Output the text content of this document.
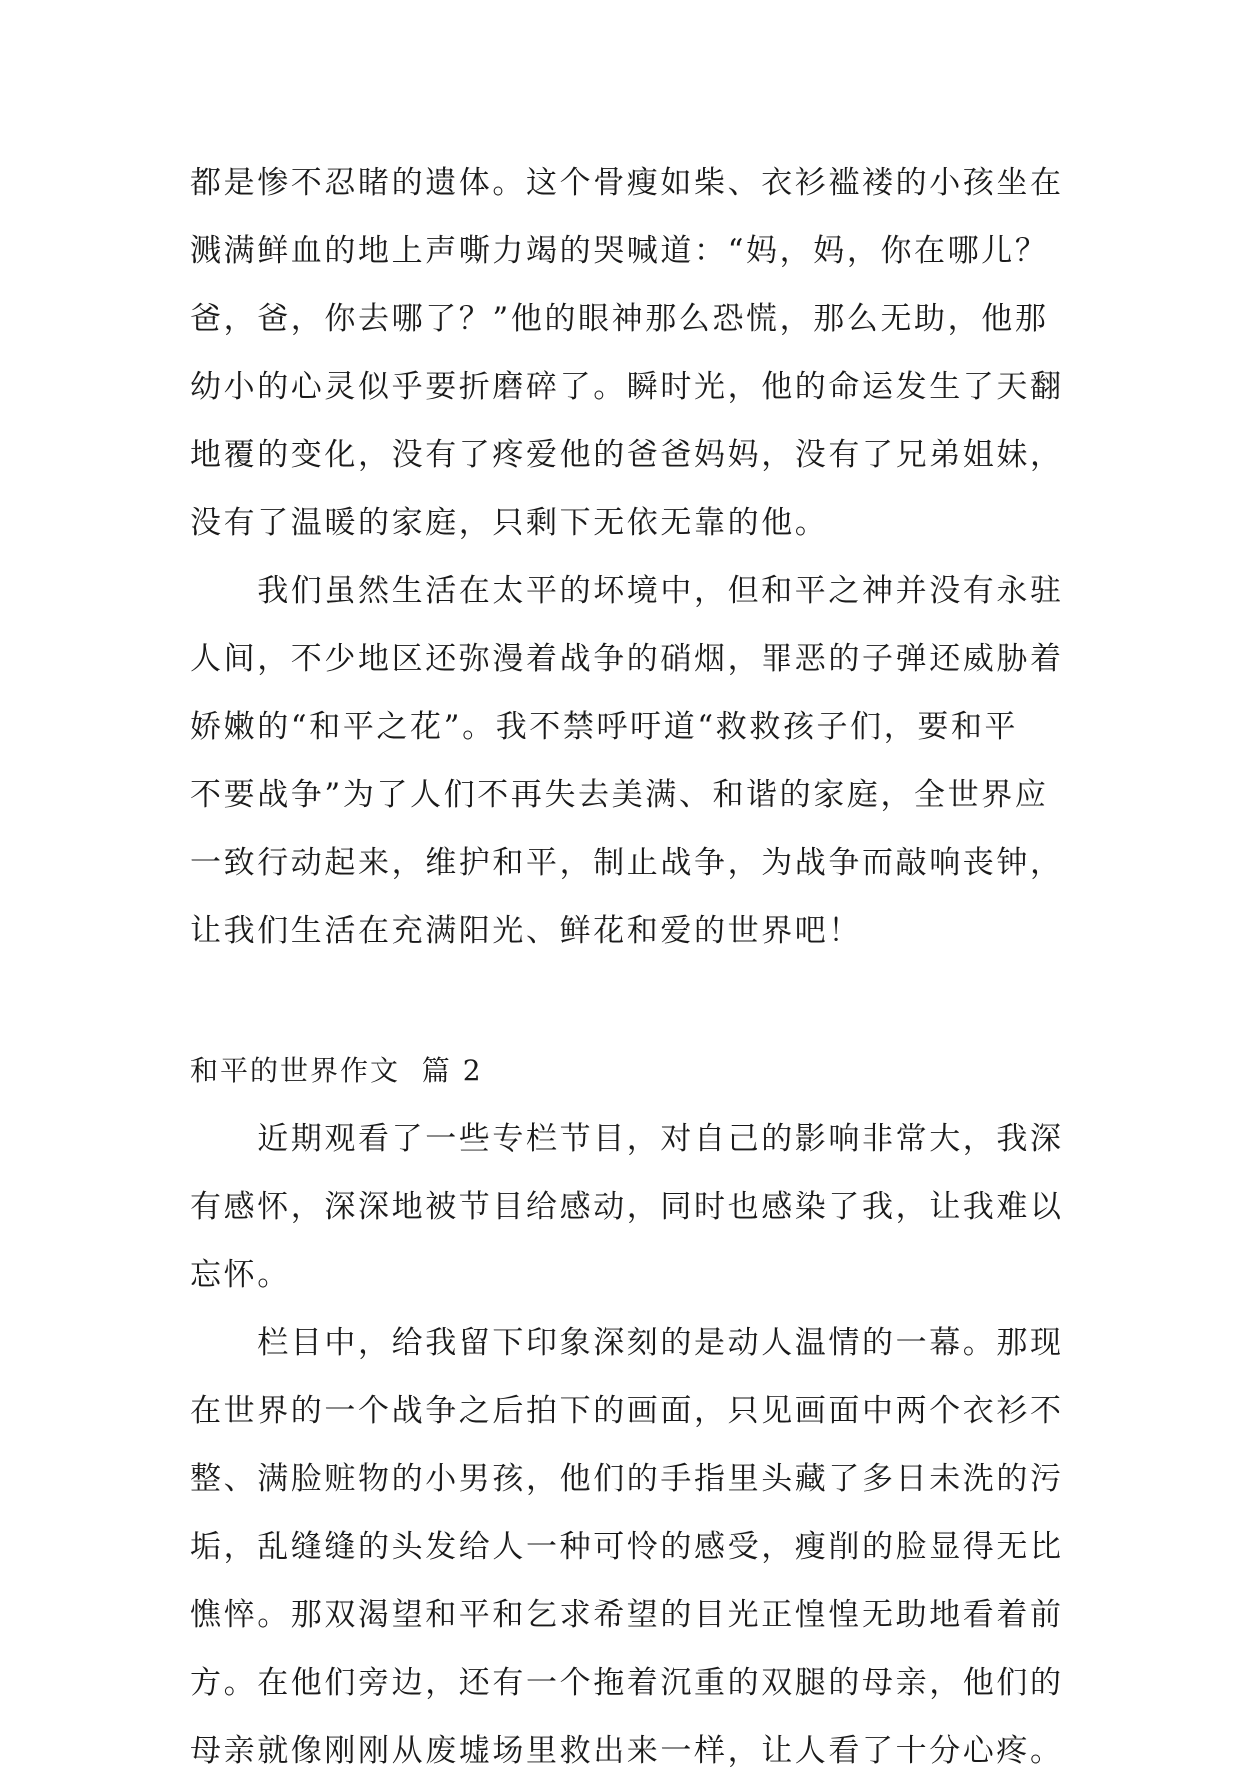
都是惨不忍睹的遗体。这个骨瘦如柴、衣衫褴褛的小孩坐在
溅满鲜血的地上声嘶力竭的哭喊道：“妈，妈，你在哪儿？
爸，爸，你去哪了？”他的眼神那么恐慌，那么无助，他那
幼小的心灵似乎要折磨碎了。瞬时光，他的命运发生了天翻
地覆的变化，没有了疼爱他的爸爸妈妈，没有了兄弟姐妹，
没有了温暖的家庭，只剩下无依无靠的他。
　　我们虽然生活在太平的坏境中，但和平之神并没有永驻
人间，不少地区还弥漫着战争的硝烟，罪恶的子弹还威胁着
娇嫩的“和平之花”。我不禁呼吁道“救救孩子们，要和平
不要战争”为了人们不再失去美满、和谐的家庭，全世界应
一致行动起来，维护和平，制止战争，为战争而敲响丧钟，
让我们生活在充满阳光、鲜花和爱的世界吧！
和平的世界作文  篇 2
　　近期观看了一些专栏节目，对自己的影响非常大，我深
有感怀，深深地被节目给感动，同时也感染了我，让我难以
忘怀。
　　栏目中，给我留下印象深刻的是动人温情的一幕。那现
在世界的一个战争之后拍下的画面，只见画面中两个衣衫不
整、满脸赃物的小男孩，他们的手指里头藏了多日未洗的污
垢，乱缝缝的头发给人一种可怜的感受，瘦削的脸显得无比
憔悴。那双渴望和平和乞求希望的目光正惶惶无助地看着前
方。在他们旁边，还有一个拖着沉重的双腿的母亲，他们的
母亲就像刚刚从废墟场里救出来一样，让人看了十分心疼。
